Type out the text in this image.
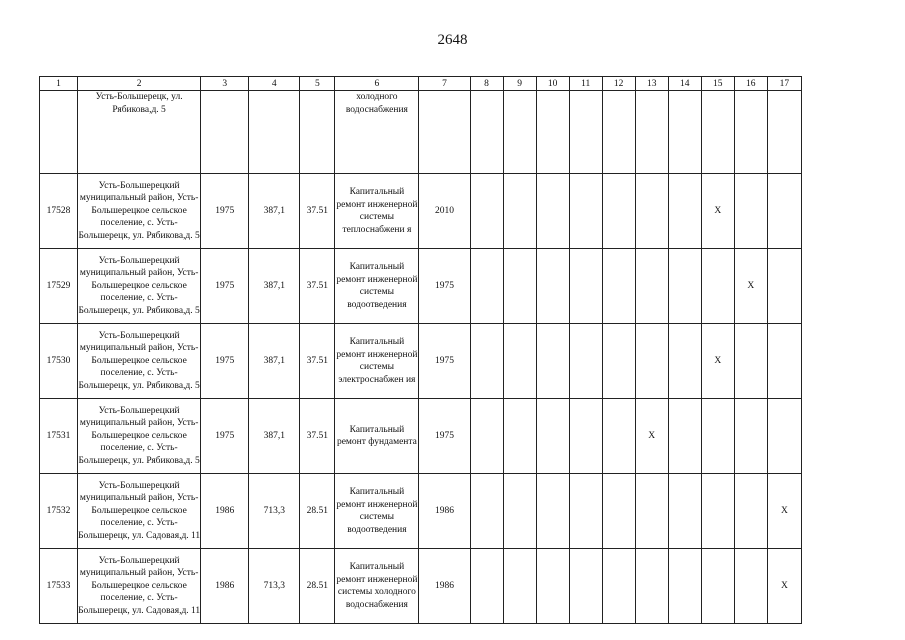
2648
1	2	3	4	5	6	7	8	9	10	11	12	13	14	15	16	17
	Усть-Большерецк, ул. Рябикова,д. 5				холодного водоснабжения											
17528	Усть-Большерецкий муниципальный район, Усть-Большерецкое сельское поселение, с. Усть-Большерецк, ул. Рябикова,д. 5	1975	387,1	37.51	Капитальный ремонт инженерной системы теплоснабжени я	2010								X		
17529	Усть-Большерецкий муниципальный район, Усть-Большерецкое сельское поселение, с. Усть-Большерецк, ул. Рябикова,д. 5	1975	387,1	37.51	Капитальный ремонт инженерной системы водоотведения	1975									X	
17530	Усть-Большерецкий муниципальный район, Усть-Большерецкое сельское поселение, с. Усть-Большерецк, ул. Рябикова,д. 5	1975	387,1	37.51	Капитальный ремонт инженерной системы электроснабжен ия	1975								X		
17531	Усть-Большерецкий муниципальный район, Усть-Большерецкое сельское поселение, с. Усть-Большерецк, ул. Рябикова,д. 5	1975	387,1	37.51	Капитальный ремонт фундамента	1975						X				
17532	Усть-Большерецкий муниципальный район, Усть-Большерецкое сельское поселение, с. Усть-Большерецк, ул. Садовая,д. 11	1986	713,3	28.51	Капитальный ремонт инженерной системы водоотведения	1986										X
17533	Усть-Большерецкий муниципальный район, Усть-Большерецкое сельское поселение, с. Усть-Большерецк, ул. Садовая,д. 11	1986	713,3	28.51	Капитальный ремонт инженерной системы холодного водоснабжения	1986										X
